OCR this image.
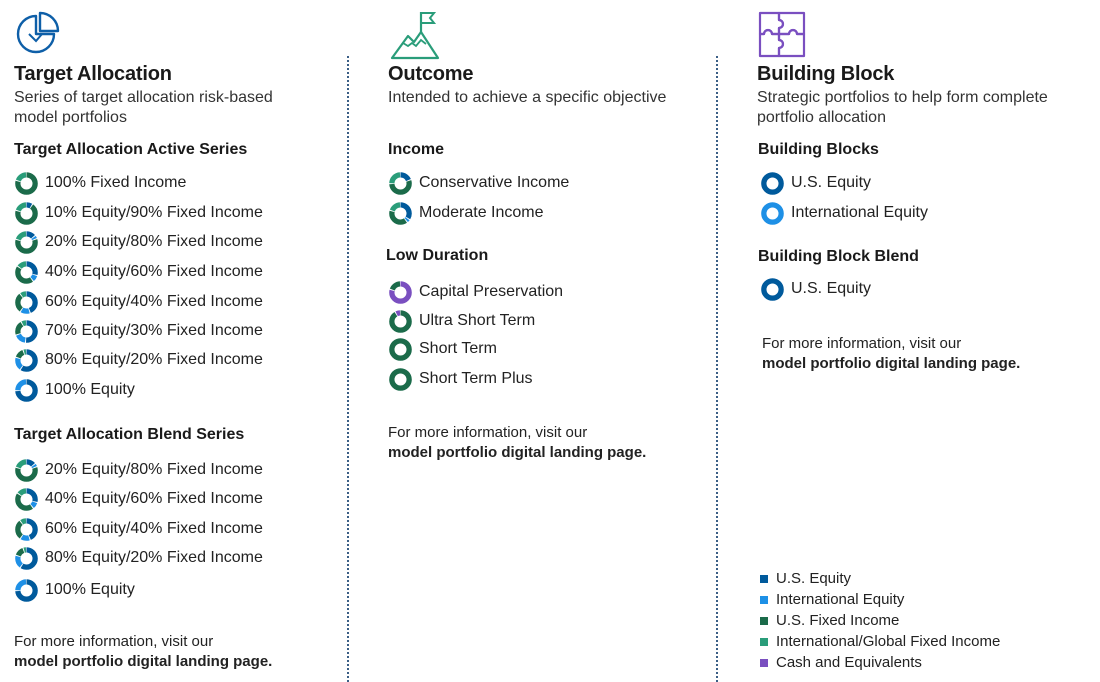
Target Allocation
Series of target allocation risk-based
model portfolios
Target Allocation Active Series
Target Allocation Blend Series
For more information, visit our
model portfolio digital landing page.
100% Fixed Income
10% Equity/90% Fixed Income
20% Equity/80% Fixed Income
40% Equity/60% Fixed Income
60% Equity/40% Fixed Income
70% Equity/30% Fixed Income
80% Equity/20% Fixed Income
100% Equity
20% Equity/80% Fixed Income
40% Equity/60% Fixed Income
60% Equity/40% Fixed Income
80% Equity/20% Fixed Income
100% Equity
Outcome
Intended to achieve a specific objective
Income
Low Duration
For more information, visit our
model portfolio digital landing page.
Conservative Income
Moderate Income
Capital Preservation
Ultra Short Term
Short Term
Short Term Plus
Building Block
Strategic portfolios to help form complete
portfolio allocation
Building Blocks
Building Block Blend
For more information, visit our
model portfolio digital landing page.
U.S. Equity
International Equity
U.S. Equity
U.S. Equity
International Equity
U.S. Fixed Income
International/Global Fixed Income
Cash and Equivalents
